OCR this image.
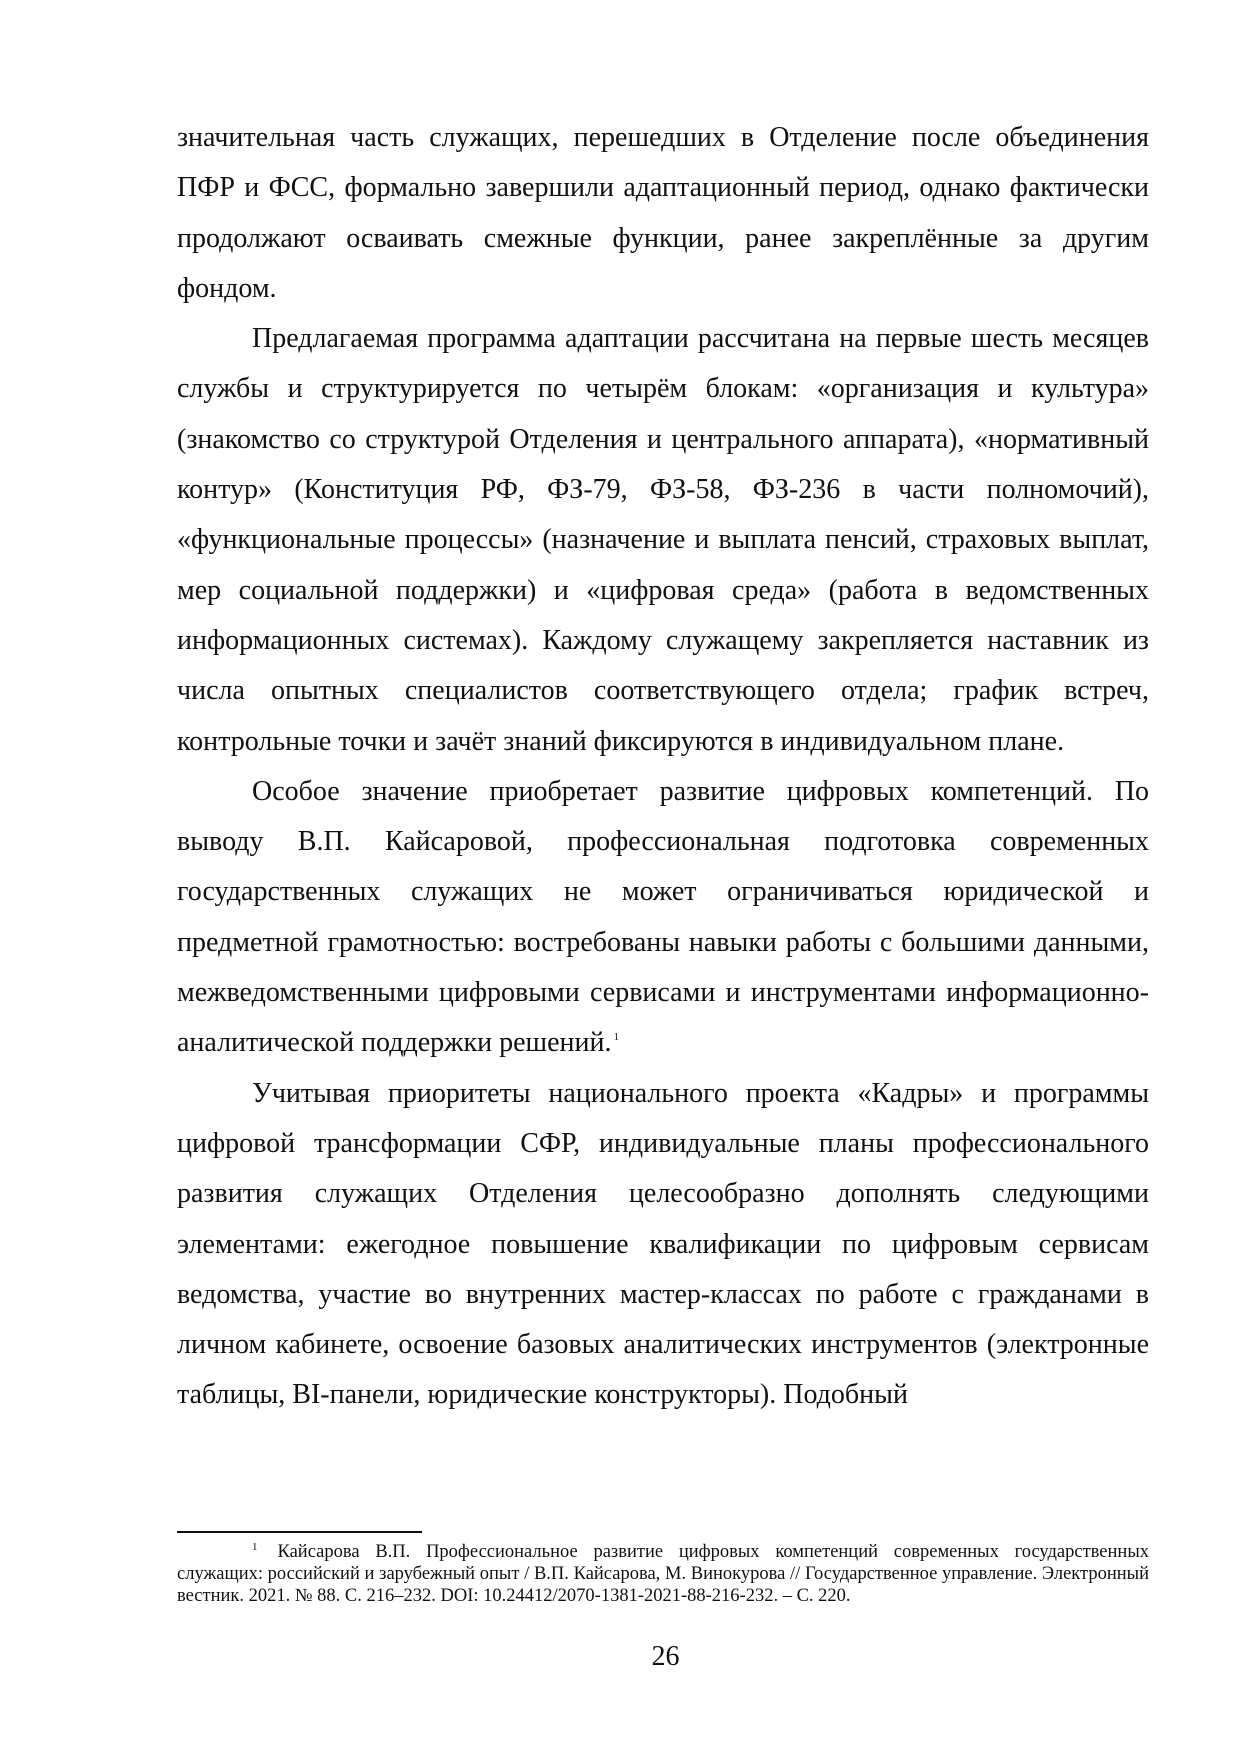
значительная часть служащих, перешедших в Отделение после объединения ПФР и ФСС, формально завершили адаптационный период, однако фактически продолжают осваивать смежные функции, ранее закреплённые за другим фондом.

Предлагаемая программа адаптации рассчитана на первые шесть месяцев службы и структурируется по четырём блокам: «организация и культура» (знакомство со структурой Отделения и центрального аппарата), «нормативный контур» (Конституция РФ, ФЗ-79, ФЗ-58, ФЗ-236 в части полномочий), «функциональные процессы» (назначение и выплата пенсий, страховых выплат, мер социальной поддержки) и «цифровая среда» (работа в ведомственных информационных системах). Каждому служащему закрепляется наставник из числа опытных специалистов соответствующего отдела; график встреч, контрольные точки и зачёт знаний фиксируются в индивидуальном плане.

Особое значение приобретает развитие цифровых компетенций. По выводу В.П. Кайсаровой, профессиональная подготовка современных государственных служащих не может ограничиваться юридической и предметной грамотностью: востребованы навыки работы с большими данными, межведомственными цифровыми сервисами и инструментами информационно-аналитической поддержки решений. $^1$

Учитывая приоритеты национального проекта «Кадры» и программы цифровой трансформации СФР, индивидуальные планы профессионального развития служащих Отделения целесообразно дополнять следующими элементами: ежегодное повышение квалификации по цифровым сервисам ведомства, участие во внутренних мастер-классах по работе с гражданами в личном кабинете, освоение базовых аналитических инструментов (электронные таблицы, BI-панели, юридические конструкторы). Подобный

$^1$ Кайсарова В.П. Профессиональное развитие цифровых компетенций современных государственных служащих: российский и зарубежный опыт / В.П. Кайсарова, М. Винокурова // Государственное управление. Электронный вестник. 2021. № 88. С. 216–232. DOI: 10.24412/2070-1381-2021-88-216-232. – С. 220.

26
